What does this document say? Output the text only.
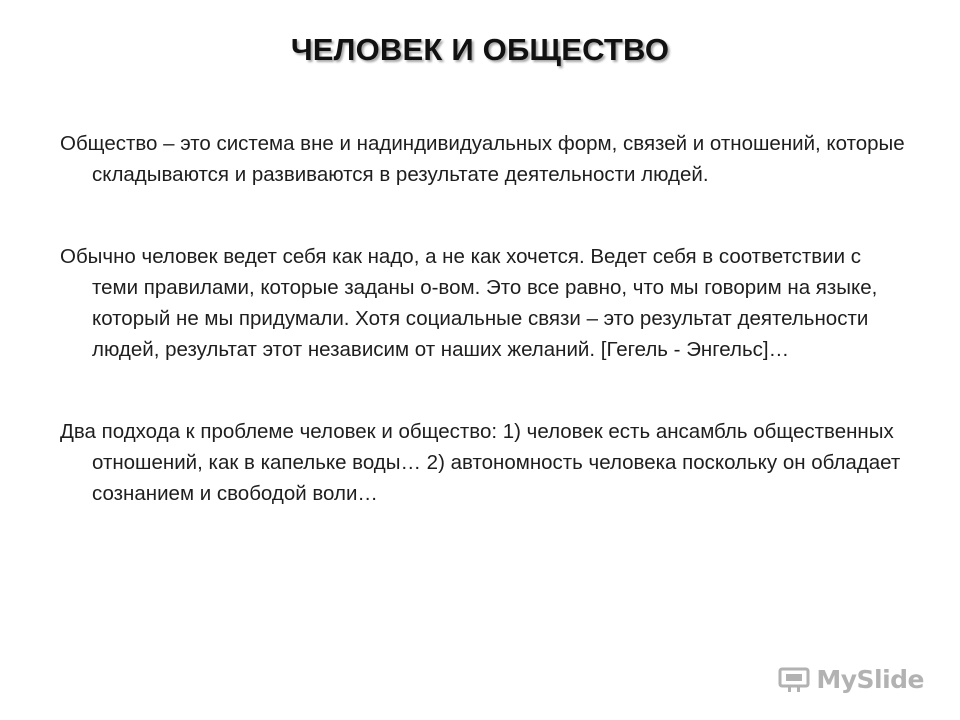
ЧЕЛОВЕК И ОБЩЕСТВО

Общество – это система вне и надиндивидуальных форм, связей и отношений, которые складываются и развиваются в результате деятельности людей.

Обычно человек ведет себя как надо, а не как хочется. Ведет себя в соответствии с теми правилами, которые заданы о-вом. Это все равно, что мы говорим на языке, который не мы придумали. Хотя социальные связи – это результат деятельности людей, результат этот независим от наших желаний. [Гегель - Энгельс]…

Два подхода к проблеме человек и общество: 1) человек есть ансамбль общественных отношений, как в капельке воды… 2) автономность человека поскольку он обладает сознанием и свободой воли…

MySlide
